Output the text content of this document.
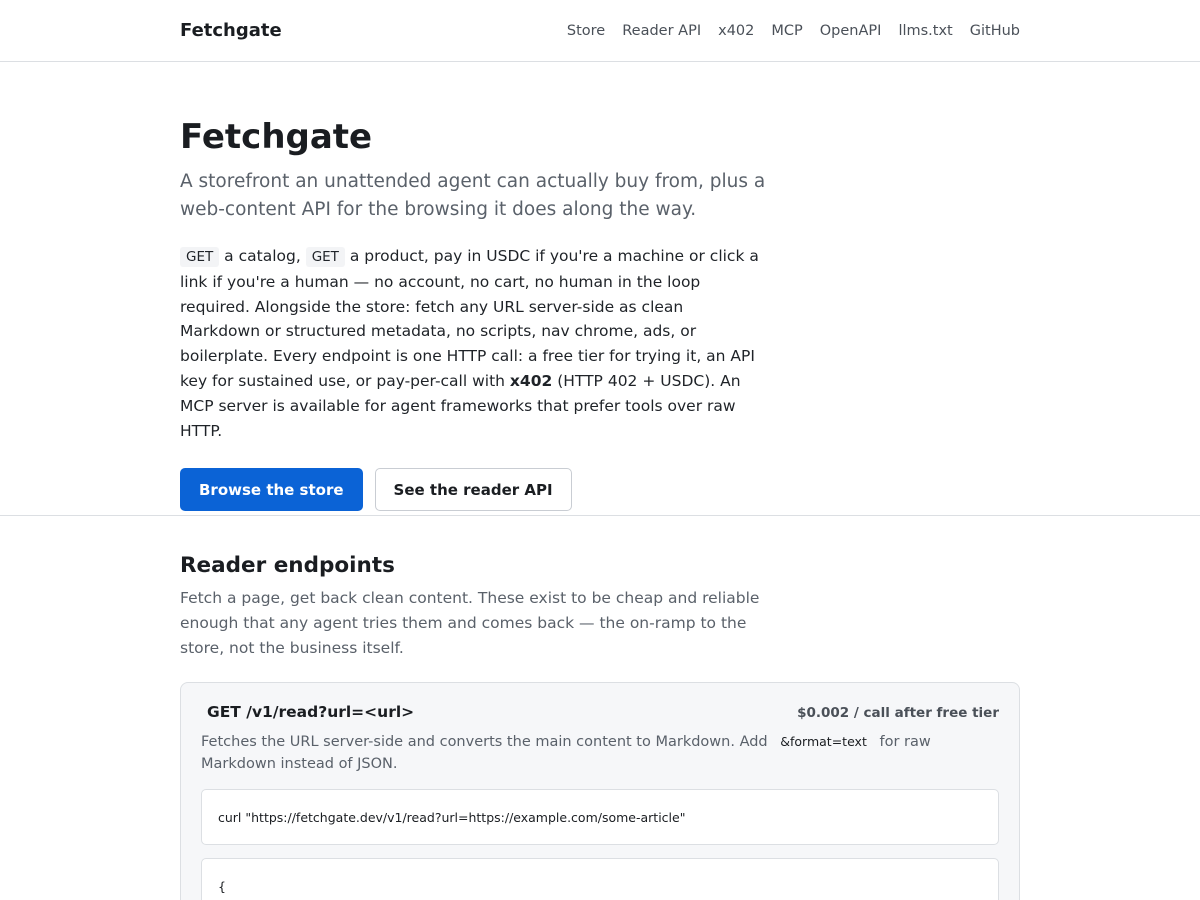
Fetchgate	Store Reader API x402 MCP OpenAPI llms.txt GitHub
Fetchgate

A storefront an unattended agent can actually buy from, plus a web-content API for the browsing it does along the way.

GET a catalog, GET a product, pay in USDC if you're a machine or click a link if you're a human — no account, no cart, no human in the loop required. Alongside the store: fetch any URL server-side as clean Markdown or structured metadata, no scripts, nav chrome, ads, or boilerplate. Every endpoint is one HTTP call: a free tier for trying it, an API key for sustained use, or pay-per-call with x402 (HTTP 402 + USDC). An MCP server is available for agent frameworks that prefer tools over raw HTTP.

Browse the store	See the reader API
Reader endpoints

Fetch a page, get back clean content. These exist to be cheap and reliable enough that any agent tries them and comes back — the on-ramp to the store, not the business itself.

GET /v1/read?url=<url>	$0.002 / call after free tier

Fetches the URL server-side and converts the main content to Markdown. Add &format=text for raw Markdown instead of JSON.

curl "https://fetchgate.dev/v1/read?url=https://example.com/some-article"
{
